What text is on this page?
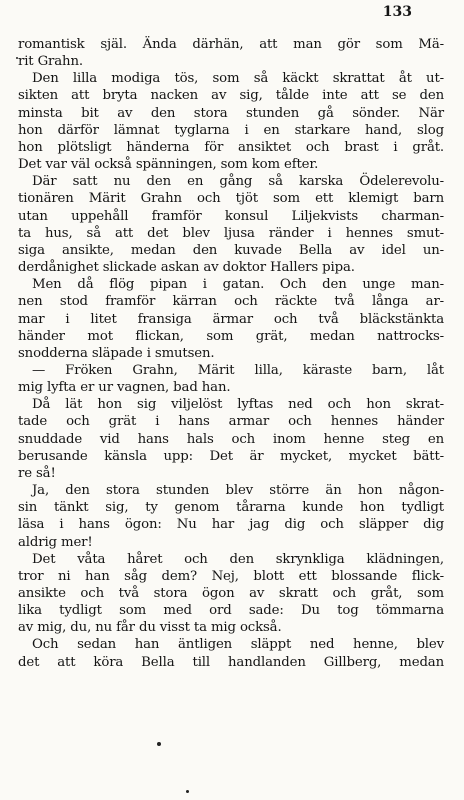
133
romantisk själ. Ända därhän, att man gör som Mä-
rit Grahn.
Den lilla modiga tös, som så käckt skrattat åt ut-
sikten att bryta nacken av sig, tålde inte att se den
minsta bit av den stora stunden gå sönder. När
hon därför lämnat tyglarna i en starkare hand, slog
hon plötsligt händerna för ansiktet och brast i gråt.
Det var väl också spänningen, som kom efter.
Där satt nu den en gång så karska Ödelerevolu-
tionären Märit Grahn och tjöt som ett klemigt barn
utan uppehåll framför konsul Liljekvists charman-
ta hus, så att det blev ljusa ränder i hennes smut-
siga ansikte, medan den kuvade Bella av idel un-
derdånighet slickade askan av doktor Hallers pipa.
Men då flög pipan i gatan. Och den unge man-
nen stod framför kärran och räckte två långa ar-
mar i litet fransiga ärmar och två bläckstänkta
händer mot flickan, som grät, medan nattrocks-
snodderna släpade i smutsen.
— Fröken Grahn, Märit lilla, käraste barn, låt
mig lyfta er ur vagnen, bad han.
Då lät hon sig viljelöst lyftas ned och hon skrat-
tade och grät i hans armar och hennes händer
snuddade vid hans hals och inom henne steg en
berusande känsla upp: Det är mycket, mycket bätt-
re så!
Ja, den stora stunden blev större än hon någon-
sin tänkt sig, ty genom tårarna kunde hon tydligt
läsa i hans ögon: Nu har jag dig och släpper dig
aldrig mer!
Det våta håret och den skrynkliga klädningen,
tror ni han såg dem? Nej, blott ett blossande flick-
ansikte och två stora ögon av skratt och gråt, som
lika tydligt som med ord sade: Du tog tömmarna
av mig, du, nu får du visst ta mig också.
Och sedan han äntligen släppt ned henne, blev
det att köra Bella till handlanden Gillberg, medan
